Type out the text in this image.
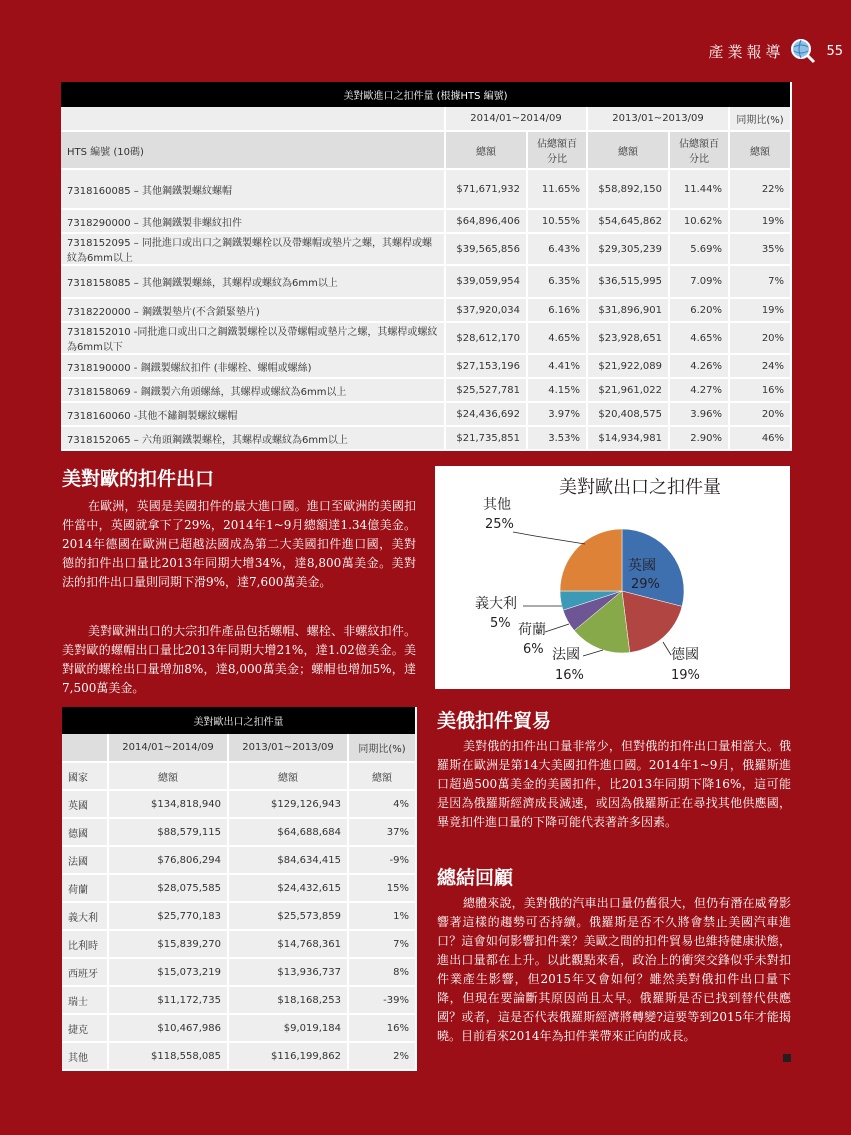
產業報導	55
美對歐進口之扣件量 (根據HTS 編號)					
	2014/01~2014/09		2013/01~2013/09		同期比(%)
HTS 編號 (10碼)	總額	佔總額百分比	總額	佔總額百分比	總額
7318160085 – 其他鋼鐵製螺紋螺帽	$71,671,932	11.65%	$58,892,150	11.44%	22%
7318290000 – 其他鋼鐵製非螺紋扣件	$64,896,406	10.55%	$54,645,862	10.62%	19%
7318152095 – 同批進口或出口之鋼鐵製螺栓以及帶螺帽或墊片之螺，其螺桿或螺紋為6mm以上	$39,565,856	6.43%	$29,305,239	5.69%	35%
7318158085 – 其他鋼鐵製螺絲，其螺桿或螺紋為6mm以上	$39,059,954	6.35%	$36,515,995	7.09%	7%
7318220000 – 鋼鐵製墊片(不含鎖緊墊片)	$37,920,034	6.16%	$31,896,901	6.20%	19%
7318152010 -同批進口或出口之鋼鐵製螺栓以及帶螺帽或墊片之螺，其螺桿或螺紋為6mm以下	$28,612,170	4.65%	$23,928,651	4.65%	20%
7318190000 - 鋼鐵製螺紋扣件 (非螺栓、螺帽或螺絲)	$27,153,196	4.41%	$21,922,089	4.26%	24%
7318158069 - 鋼鐵製六角頭螺絲，其螺桿或螺紋為6mm以上	$25,527,781	4.15%	$21,961,022	4.27%	16%
7318160060 -其他不鏽鋼製螺紋螺帽	$24,436,692	3.97%	$20,408,575	3.96%	20%
7318152065 – 六角頭鋼鐵製螺栓，其螺桿或螺紋為6mm以上	$21,735,851	3.53%	$14,934,981	2.90%	46%
美對歐的扣件出口

在歐洲，英國是美國扣件的最大進口國。進口至歐洲的美國扣件當中，英國就拿下了29%，2014年1~9月總額達1.34億美金。2014年德國在歐洲已超越法國成為第二大美國扣件進口國，美對德的扣件出口量比2013年同期大增34%，達8,800萬美金。美對法的扣件出口量則同期下滑9%，達7,600萬美金。

美對歐洲出口的大宗扣件產品包括螺帽、螺栓、非螺紋扣件。美對歐的螺帽出口量比2013年同期大增21%，達1.02億美金。美對歐的螺栓出口量增加8%，達8,000萬美金；螺帽也增加5%，達7,500萬美金。

美對歐出口之扣件量			
	2014/01~2014/09	2013/01~2013/09	同期比(%)
國家	總額	總額	總額
英國	$134,818,940	$129,126,943	4%
德國	$88,579,115	$64,688,684	37%
法國	$76,806,294	$84,634,415	-9%
荷蘭	$28,075,585	$24,432,615	15%
義大利	$25,770,183	$25,573,859	1%
比利時	$15,839,270	$14,768,361	7%
西班牙	$15,073,219	$13,936,737	8%
瑞士	$11,172,735	$18,168,253	-39%
捷克	$10,467,986	$9,019,184	16%
其他	$118,558,085	$116,199,862	2%
美對歐出口之扣件量
英國
29%
德國
19%
法國
16%
荷蘭
6%
義大利
5%
其他
25%
美俄扣件貿易

美對俄的扣件出口量非常少，但對俄的扣件出口量相當大。俄羅斯在歐洲是第14大美國扣件進口國。2014年1~9月，俄羅斯進口超過500萬美金的美國扣件，比2013年同期下降16%，這可能是因為俄羅斯經濟成長減速，或因為俄羅斯正在尋找其他供應國，畢竟扣件進口量的下降可能代表著許多因素。

總結回顧

總體來說，美對俄的汽車出口量仍舊很大，但仍有潛在威脅影響著這樣的趨勢可否持續。俄羅斯是否不久將會禁止美國汽車進口？這會如何影響扣件業？美歐之間的扣件貿易也維持健康狀態，進出口量都在上升。以此觀點來看，政治上的衝突交鋒似乎未對扣件業產生影響，但2015年又會如何？雖然美對俄扣件出口量下降，但現在要論斷其原因尚且太早。俄羅斯是否已找到替代供應國？或者，這是否代表俄羅斯經濟將轉變?這要等到2015年才能揭曉。目前看來2014年為扣件業帶來正向的成長。
